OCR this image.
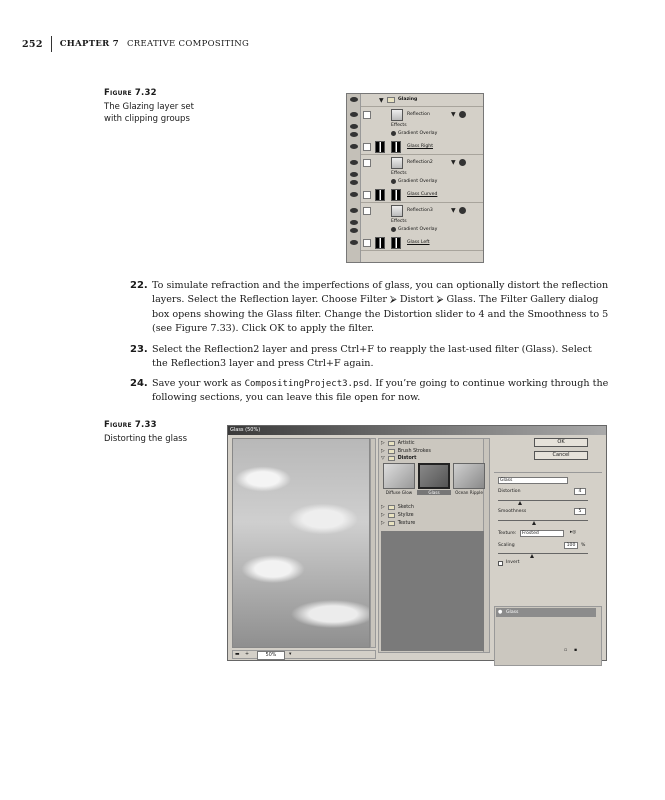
252 CHAPTER 7 CREATIVE COMPOSITING
Figure 7.32
The Glazing layer set
with clipping groups
▼	Glazing
Reflection	▼
Effects
Gradient Overlay
Glass Right
Reflection2	▼
Effects
Gradient Overlay
Glass Curved
Reflection3	▼
Effects
Gradient Overlay
Glass Left
22. To simulate refraction and the imperfections of glass, you can optionally distort the reflection layers. Select the Reflection layer. Choose Filter ⮚ Distort ⮚ Glass. The Filter Gallery dialog box opens showing the Glass filter. Change the Distortion slider to 4 and the Smoothness to 5 (see Figure 7.33). Click OK to apply the filter.
23. Select the Reflection2 layer and press Ctrl+F to reapply the last-used filter (Glass). Select the Reflection3 layer and press Ctrl+F again.
24. Save your work as CompositingProject3.psd. If you’re going to continue working through the following sections, you can leave this file open for now.
Figure 7.33
Distorting the glass
Glass (50%)
▬ +	50%	▾
▷	Artistic
▷	Brush Strokes
▽	Distort
Diffuse Glow	Glass	Ocean Ripple
▷	Sketch
▷	Stylize
▷	Texture
OK
Cancel
Glass
Distortion	4
Smoothness	5
Texture:	Frosted	▸◎
Scaling	100	%
Invert
Glass
●
▫ ▪
